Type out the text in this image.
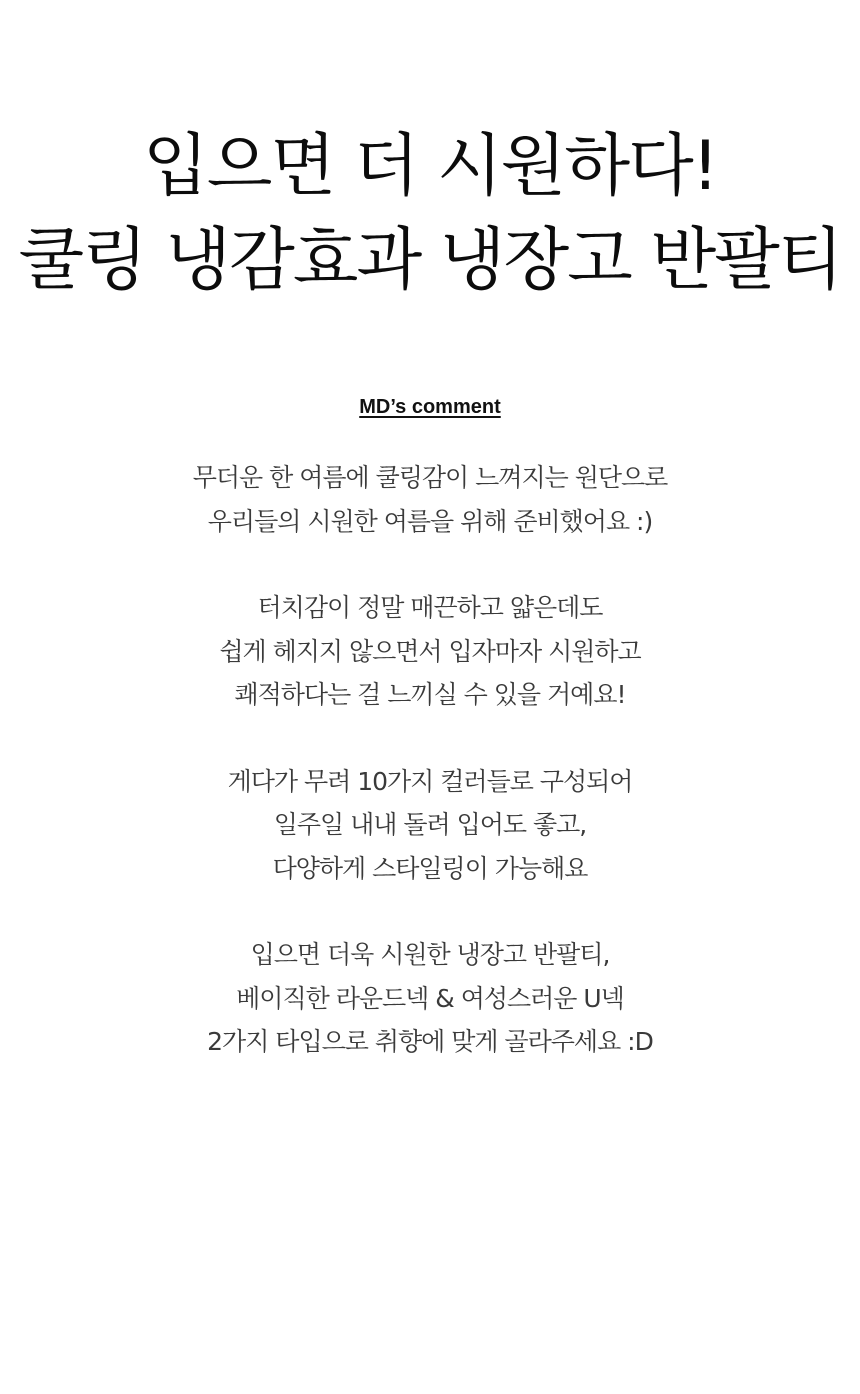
입으면 더 시원하다!
쿨링 냉감효과 냉장고 반팔티

MD’s comment

무더운 한 여름에 쿨링감이 느껴지는 원단으로
우리들의 시원한 여름을 위해 준비했어요 :)

터치감이 정말 매끈하고 얇은데도
쉽게 헤지지 않으면서 입자마자 시원하고
쾌적하다는 걸 느끼실 수 있을 거예요!

게다가 무려 10가지 컬러들로 구성되어
일주일 내내 돌려 입어도 좋고,
다양하게 스타일링이 가능해요

입으면 더욱 시원한 냉장고 반팔티,
베이직한 라운드넥 & 여성스러운 U넥
2가지 타입으로 취향에 맞게 골라주세요 :D
